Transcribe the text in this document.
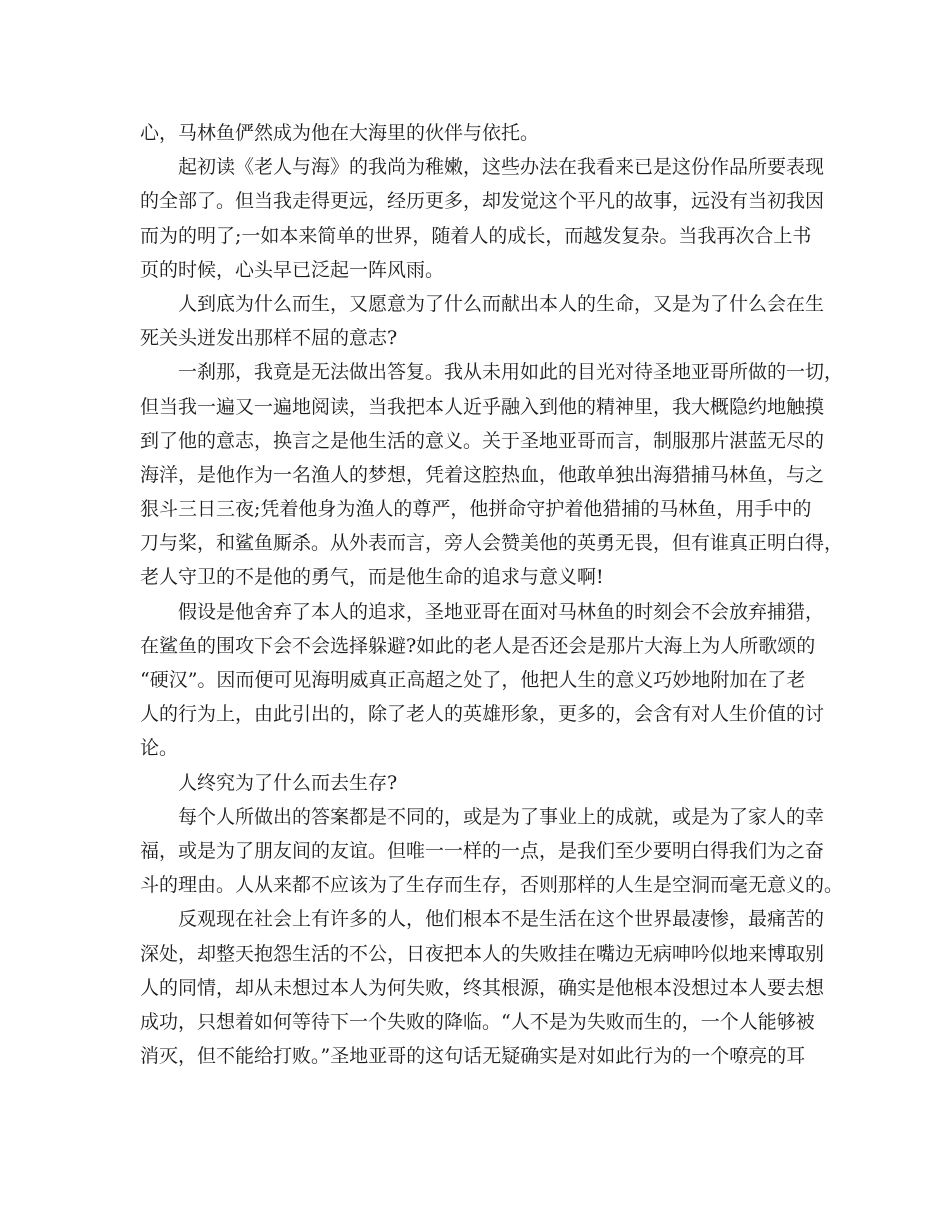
心，马林鱼俨然成为他在大海里的伙伴与依托。
起初读《老人与海》的我尚为稚嫩，这些办法在我看来已是这份作品所要表现
的全部了。但当我走得更远，经历更多，却发觉这个平凡的故事，远没有当初我因
而为的明了;一如本来简单的世界，随着人的成长，而越发复杂。当我再次合上书
页的时候，心头早已泛起一阵风雨。
人到底为什么而生，又愿意为了什么而献出本人的生命，又是为了什么会在生
死关头迸发出那样不屈的意志?
一刹那，我竟是无法做出答复。我从未用如此的目光对待圣地亚哥所做的一切，
但当我一遍又一遍地阅读，当我把本人近乎融入到他的精神里，我大概隐约地触摸
到了他的意志，换言之是他生活的意义。关于圣地亚哥而言，制服那片湛蓝无尽的
海洋，是他作为一名渔人的梦想，凭着这腔热血，他敢单独出海猎捕马林鱼，与之
狠斗三日三夜;凭着他身为渔人的尊严，他拼命守护着他猎捕的马林鱼，用手中的
刀与桨，和鲨鱼厮杀。从外表而言，旁人会赞美他的英勇无畏，但有谁真正明白得，
老人守卫的不是他的勇气，而是他生命的追求与意义啊!
假设是他舍弃了本人的追求，圣地亚哥在面对马林鱼的时刻会不会放弃捕猎，
在鲨鱼的围攻下会不会选择躲避?如此的老人是否还会是那片大海上为人所歌颂的
“硬汉”。因而便可见海明威真正高超之处了，他把人生的意义巧妙地附加在了老
人的行为上，由此引出的，除了老人的英雄形象，更多的，会含有对人生价值的讨
论。
人终究为了什么而去生存?
每个人所做出的答案都是不同的，或是为了事业上的成就，或是为了家人的幸
福，或是为了朋友间的友谊。但唯一一样的一点，是我们至少要明白得我们为之奋
斗的理由。人从来都不应该为了生存而生存，否则那样的人生是空洞而毫无意义的。
反观现在社会上有许多的人，他们根本不是生活在这个世界最凄惨，最痛苦的
深处，却整天抱怨生活的不公，日夜把本人的失败挂在嘴边无病呻吟似地来博取别
人的同情，却从未想过本人为何失败，终其根源，确实是他根本没想过本人要去想
成功，只想着如何等待下一个失败的降临。“人不是为失败而生的，一个人能够被
消灭，但不能给打败。”圣地亚哥的这句话无疑确实是对如此行为的一个嘹亮的耳
